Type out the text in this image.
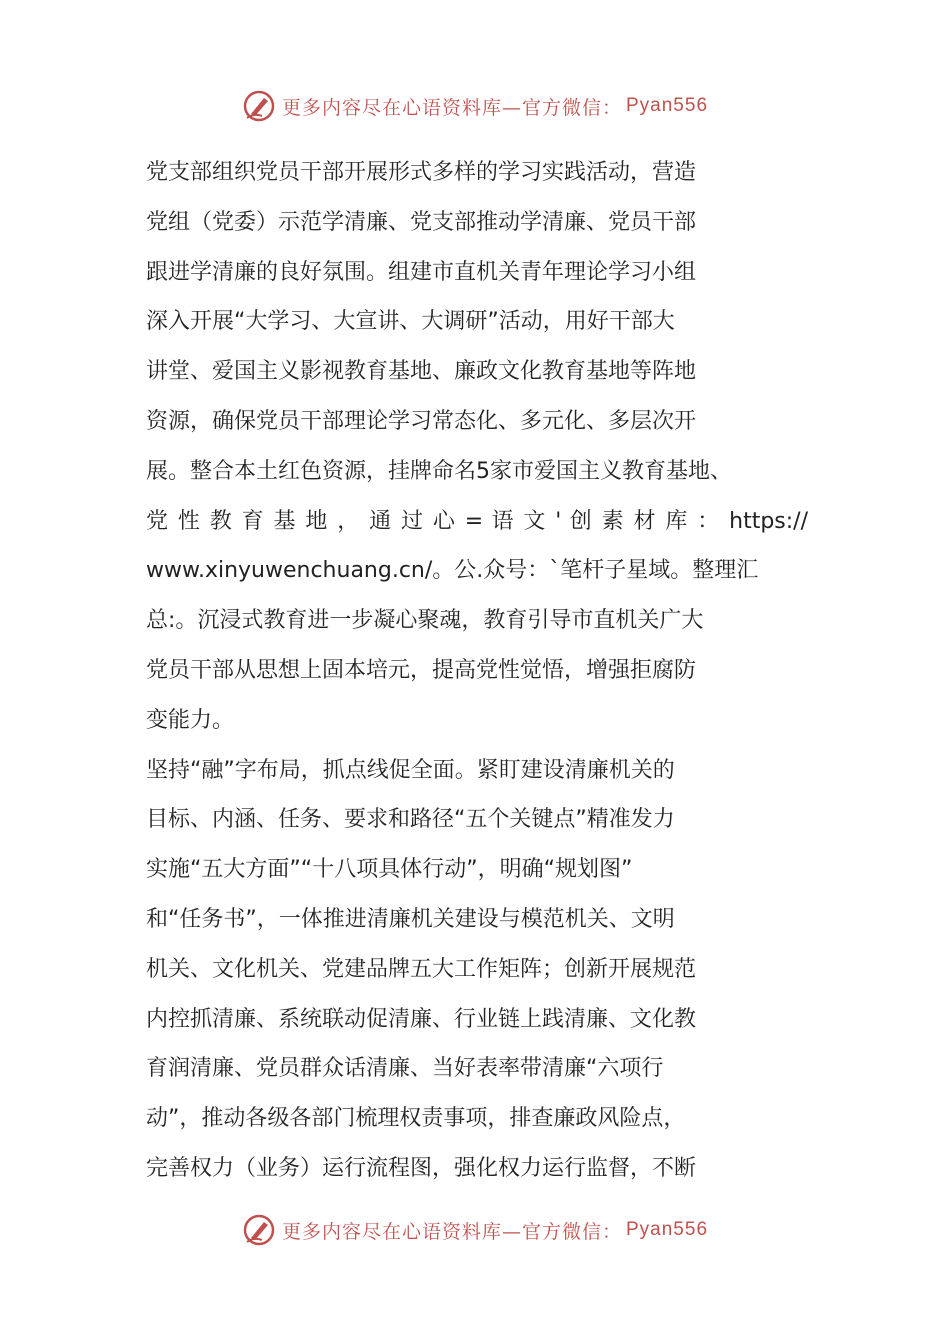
更多内容尽在心语资料库—官方微信： Pyan556
党支部组织党员干部开展形式多样的学习实践活动，营造
党组（党委）示范学清廉、党支部推动学清廉、党员干部
跟进学清廉的良好氛围。组建市直机关青年理论学习小组
深入开展“大学习、大宣讲、大调研”活动，用好干部大
讲堂、爱国主义影视教育基地、廉政文化教育基地等阵地
资源，确保党员干部理论学习常态化、多元化、多层次开
展。整合本土红色资源，挂牌命名5家市爱国主义教育基地、
党 性 教 育 基 地 ， 通 过 心 = 语 文 ' 创 素 材 库 ： https://
www.xinyuwenchuang.cn/。公.众号：`笔杆子星域。整理汇
总:。沉浸式教育进一步凝心聚魂，教育引导市直机关广大
党员干部从思想上固本培元，提高党性觉悟，增强拒腐防
变能力。
坚持“融”字布局，抓点线促全面。紧盯建设清廉机关的
目标、内涵、任务、要求和路径“五个关键点”精准发力
实施“五大方面”“十八项具体行动”，明确“规划图”
和“任务书”，一体推进清廉机关建设与模范机关、文明
机关、文化机关、党建品牌五大工作矩阵；创新开展规范
内控抓清廉、系统联动促清廉、行业链上践清廉、文化教
育润清廉、党员群众话清廉、当好表率带清廉“六项行
动”，推动各级各部门梳理权责事项，排查廉政风险点，
完善权力（业务）运行流程图，强化权力运行监督，不断
更多内容尽在心语资料库—官方微信： Pyan556
